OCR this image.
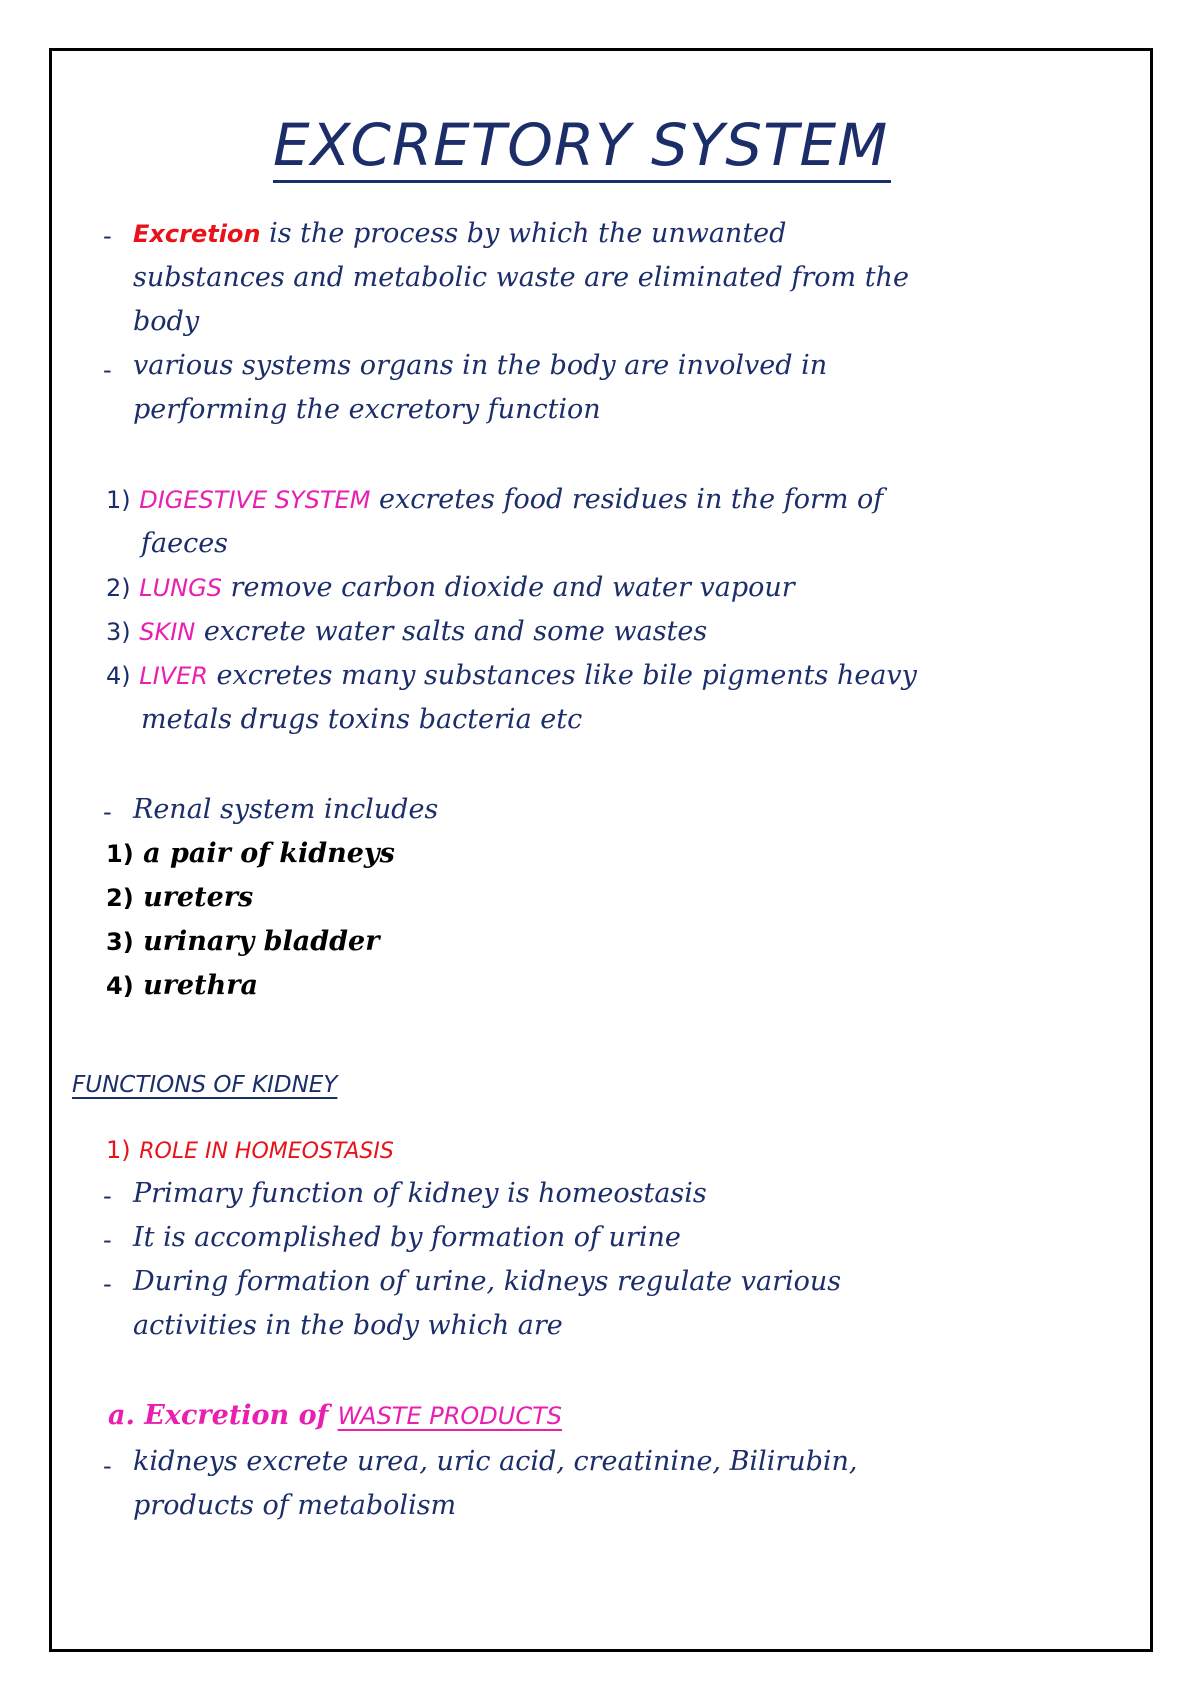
EXCRETORY SYSTEM
- Excretion is the process by which the unwanted
substances and metabolic waste are eliminated from the
body
- various systems organs in the body are involved in
performing the excretory function
1) DIGESTIVE SYSTEM excretes food residues in the form of
faeces
2) LUNGS remove carbon dioxide and water vapour
3) SKIN excrete water salts and some wastes
4) LIVER excretes many substances like bile pigments heavy
metals drugs toxins bacteria etc
- Renal system includes
1) a pair of kidneys
2) ureters
3) urinary bladder
4) urethra
FUNCTIONS OF KIDNEY
1) ROLE IN HOMEOSTASIS
- Primary function of kidney is homeostasis
- It is accomplished by formation of urine
- During formation of urine, kidneys regulate various
activities in the body which are
a. Excretion of WASTE PRODUCTS
- kidneys excrete urea, uric acid, creatinine, Bilirubin,
products of metabolism
